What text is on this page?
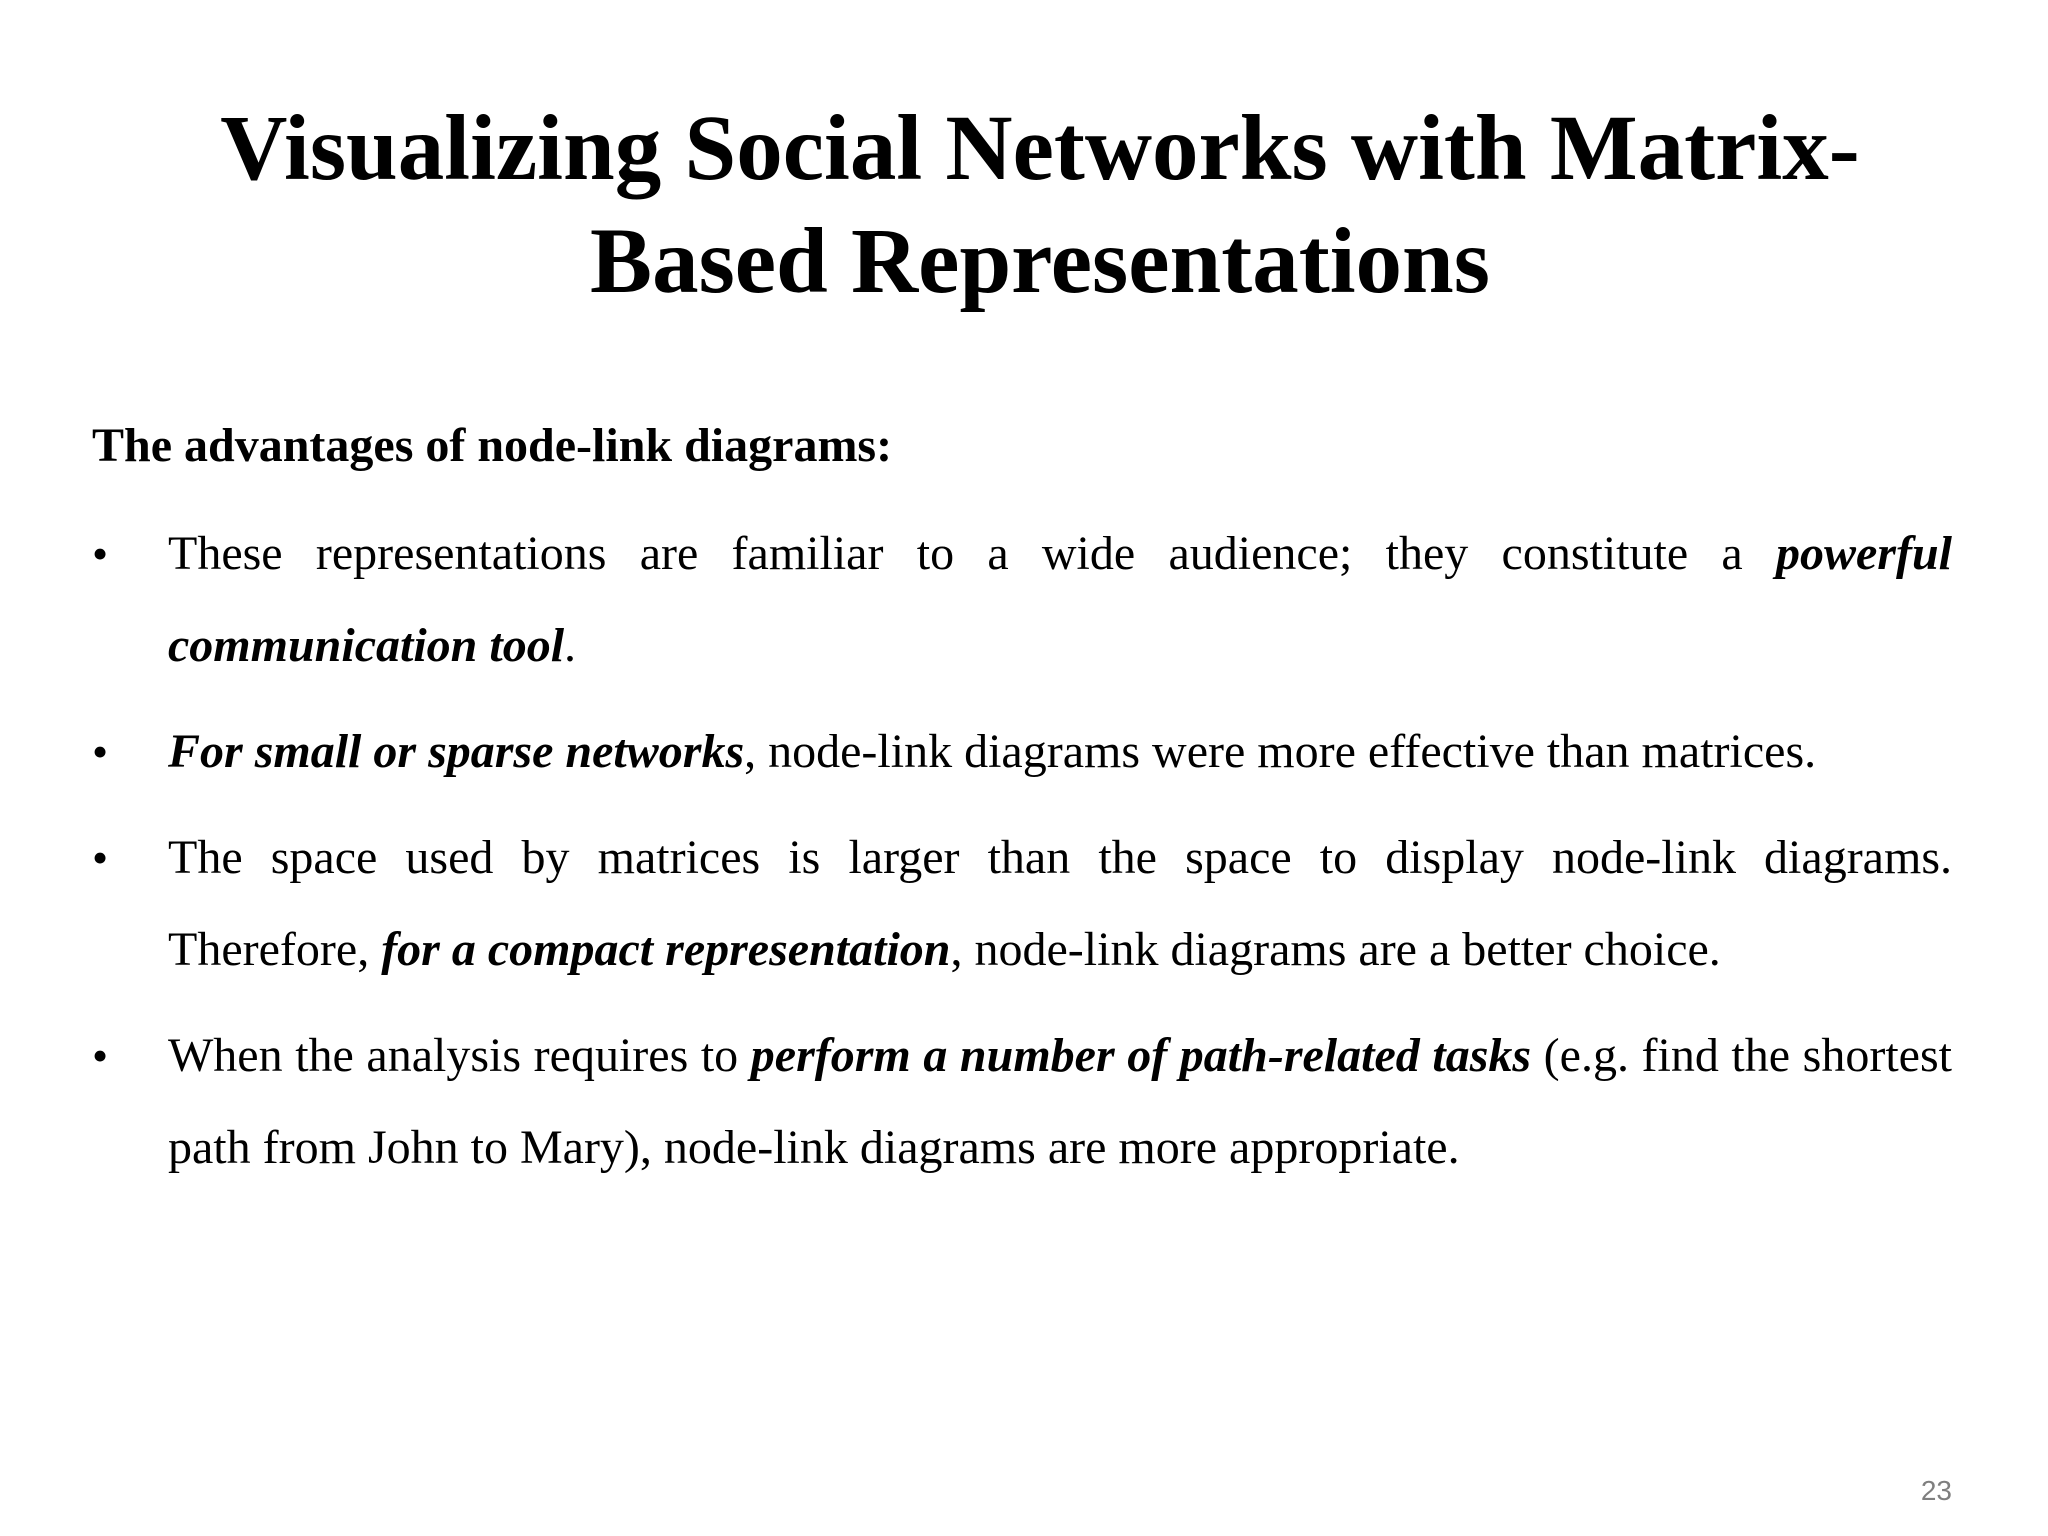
Visualizing Social Networks with Matrix-
Based Representations

The advantages of node-link diagrams:

• These representations are familiar to a wide audience; they constitute a powerful communication tool.
• For small or sparse networks, node-link diagrams were more effective than matrices.
• The space used by matrices is larger than the space to display node-link diagrams. Therefore, for a compact representation, node-link diagrams are a better choice.
• When the analysis requires to perform a number of path-related tasks (e.g. find the shortest path from John to Mary), node-link diagrams are more appropriate.
23
